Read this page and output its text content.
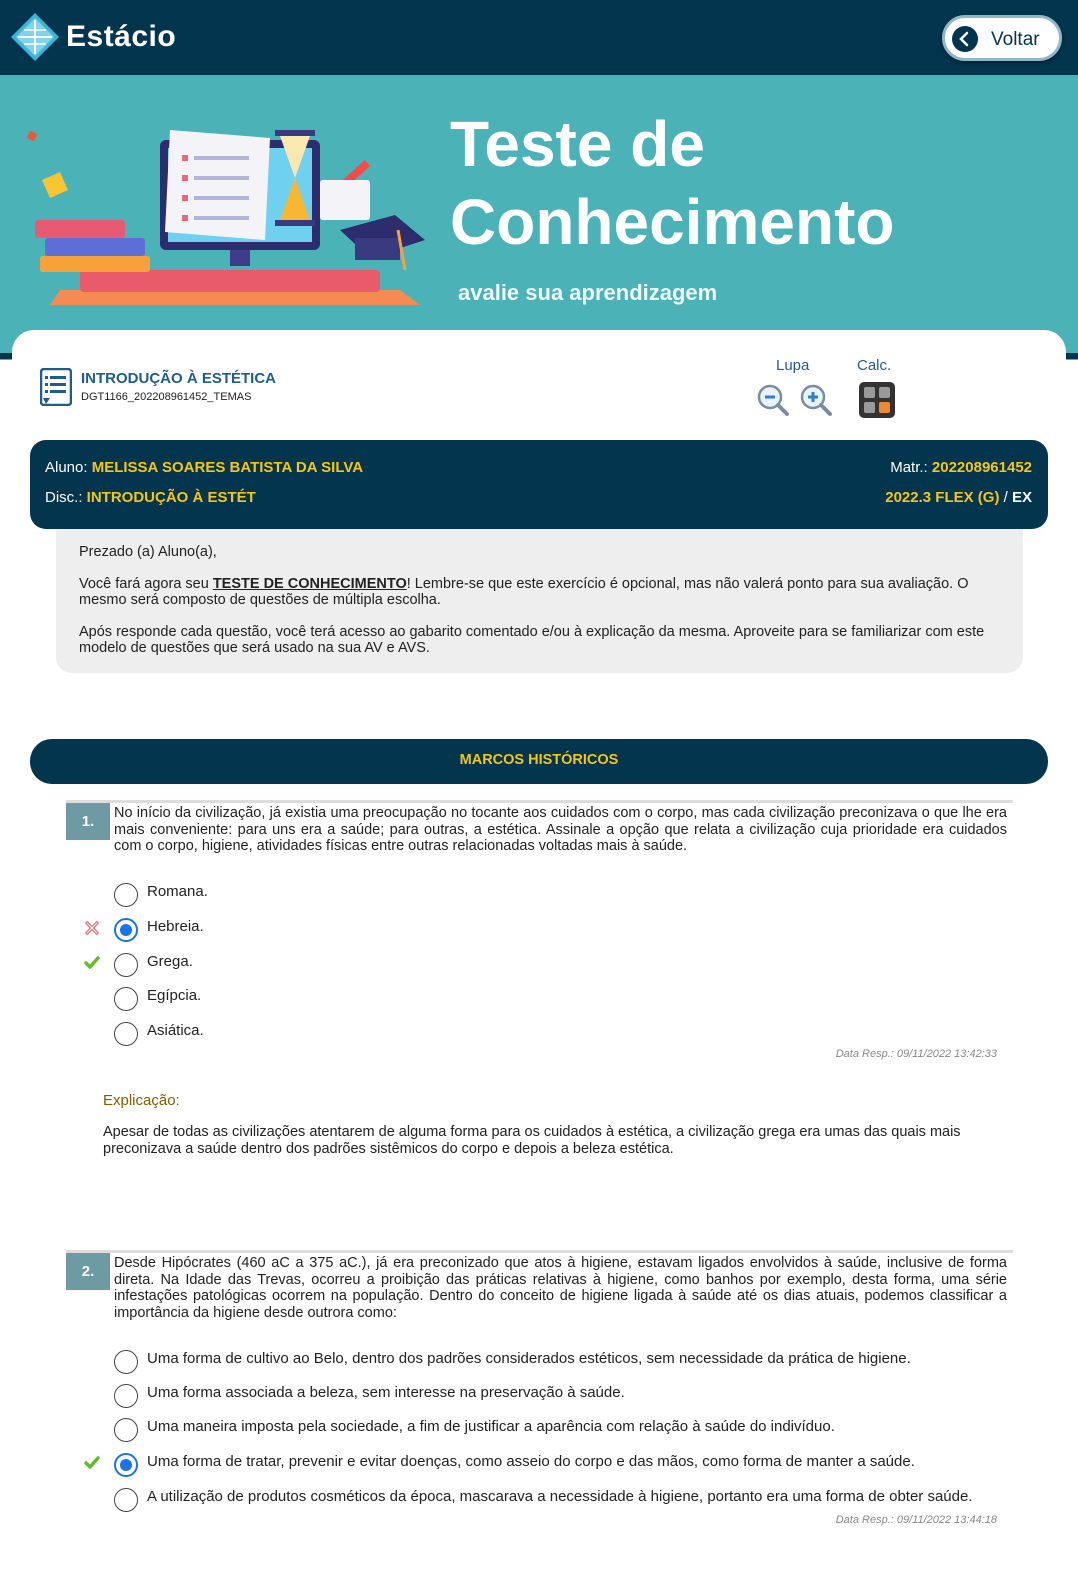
Estácio	Voltar
Teste de
Conhecimento
avalie sua aprendizagem
INTRODUÇÃO À ESTÉTICA
DGT1166_202208961452_TEMAS
Lupa	Calc.
Aluno: MELISSA SOARES BATISTA DA SILVA
Disc.: INTRODUÇÃO À ESTÉT
Matr.: 202208961452
2022.3 FLEX (G) / EX
Prezado (a) Aluno(a),
Você fará agora seu TESTE DE CONHECIMENTO! Lembre-se que este exercício é opcional, mas não valerá ponto para sua avaliação. O mesmo será composto de questões de múltipla escolha.
Após responde cada questão, você terá acesso ao gabarito comentado e/ou à explicação da mesma. Aproveite para se familiarizar com este modelo de questões que será usado na sua AV e AVS.
MARCOS HISTÓRICOS
1.	No início da civilização, já existia uma preocupação no tocante aos cuidados com o corpo, mas cada civilização preconizava o que lhe era mais conveniente: para uns era a saúde; para outras, a estética. Assinale a opção que relata a civilização cuja prioridade era cuidados com o corpo, higiene, atividades físicas entre outras relacionadas voltadas mais à saúde.
Romana.
Hebreia.
Grega.
Egípcia.
Asiática.
Data Resp.: 09/11/2022 13:42:33
Explicação:
Apesar de todas as civilizações atentarem de alguma forma para os cuidados à estética, a civilização grega era umas das quais mais preconizava a saúde dentro dos padrões sistêmicos do corpo e depois a beleza estética.
2.	Desde Hipócrates (460 aC a 375 aC.), já era preconizado que atos à higiene, estavam ligados envolvidos à saúde, inclusive de forma direta. Na Idade das Trevas, ocorreu a proibição das práticas relativas à higiene, como banhos por exemplo, desta forma, uma série infestações patológicas ocorrem na população. Dentro do conceito de higiene ligada à saúde até os dias atuais, podemos classificar a importância da higiene desde outrora como:
Uma forma de cultivo ao Belo, dentro dos padrões considerados estéticos, sem necessidade da prática de higiene.
Uma forma associada a beleza, sem interesse na preservação à saúde.
Uma maneira imposta pela sociedade, a fim de justificar a aparência com relação à saúde do indivíduo.
Uma forma de tratar, prevenir e evitar doenças, como asseio do corpo e das mãos, como forma de manter a saúde.
A utilização de produtos cosméticos da época, mascarava a necessidade à higiene, portanto era uma forma de obter saúde.
Data Resp.: 09/11/2022 13:44:18
